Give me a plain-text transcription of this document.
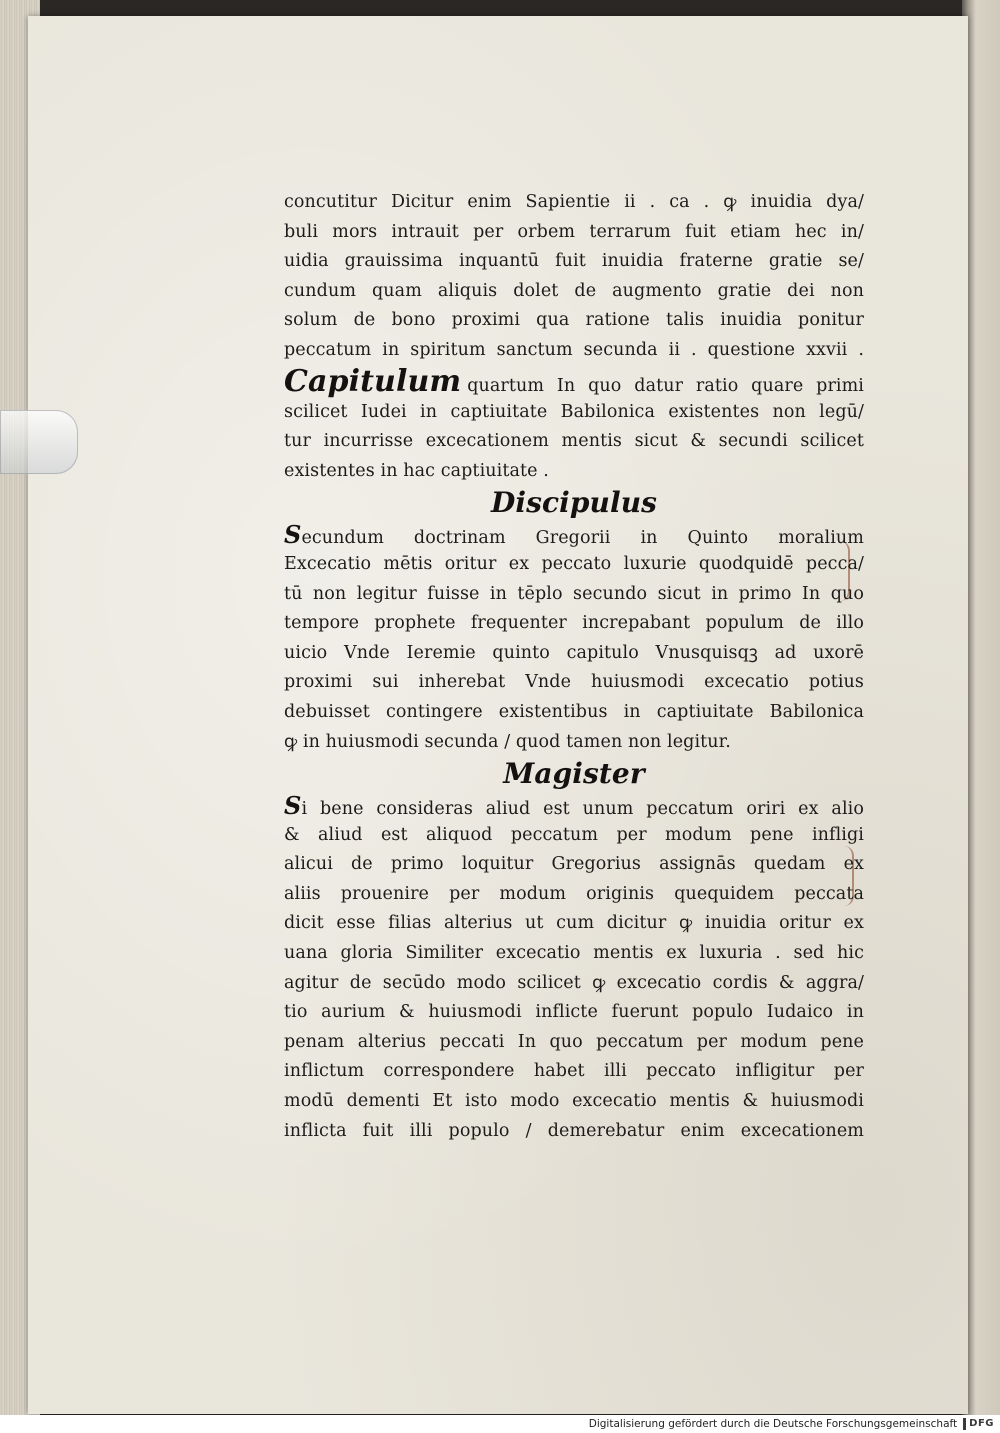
concutitur Dicitur enim Sapientie ii . ca . ꝙ inuidia dya/
buli mors intrauit per orbem terrarum fuit etiam hec in/
uidia grauissima inquantū fuit inuidia fraterne gratie se/
cundum quam aliquis dolet de augmento gratie dei non
solum de bono proximi qua ratione talis inuidia ponitur
peccatum in spiritum sanctum secunda ii . questione xxvii .
Capitulum quartum In quo datur ratio quare primi
scilicet Iudei in captiuitate Babilonica existentes non legū/
tur incurrisse excecationem mentis sicut & secundi scilicet
existentes in hac captiuitate .
Discipulus
Secundum doctrinam Gregorii in Quinto moralium
Excecatio mētis oritur ex peccato luxurie quodquidē pecca/
tū non legitur fuisse in tēplo secundo sicut in primo In quo
tempore prophete frequenter increpabant populum de illo
uicio Vnde Ieremie quinto capitulo Vnusquisqꝫ ad uxorē
proximi sui inherebat Vnde huiusmodi excecatio potius
debuisset contingere existentibus in captiuitate Babilonica
ꝙ in huiusmodi secunda / quod tamen non legitur.
Magister
Si bene consideras aliud est unum peccatum oriri ex alio
& aliud est aliquod peccatum per modum pene infligi
alicui de primo loquitur Gregorius assignās quedam ex
aliis prouenire per modum originis quequidem peccata
dicit esse filias alterius ut cum dicitur ꝙ inuidia oritur ex
uana gloria Similiter excecatio mentis ex luxuria . sed hic
agitur de secūdo modo scilicet ꝙ excecatio cordis & aggra/
tio aurium & huiusmodi inflicte fuerunt populo Iudaico in
penam alterius peccati In quo peccatum per modum pene
inflictum correspondere habet illi peccato infligitur per
modū dementi Et isto modo excecatio mentis & huiusmodi
inflicta fuit illi populo / demerebatur enim excecationem
Digitalisierung gefördert durch die Deutsche Forschungsgemeinschaft DFG
